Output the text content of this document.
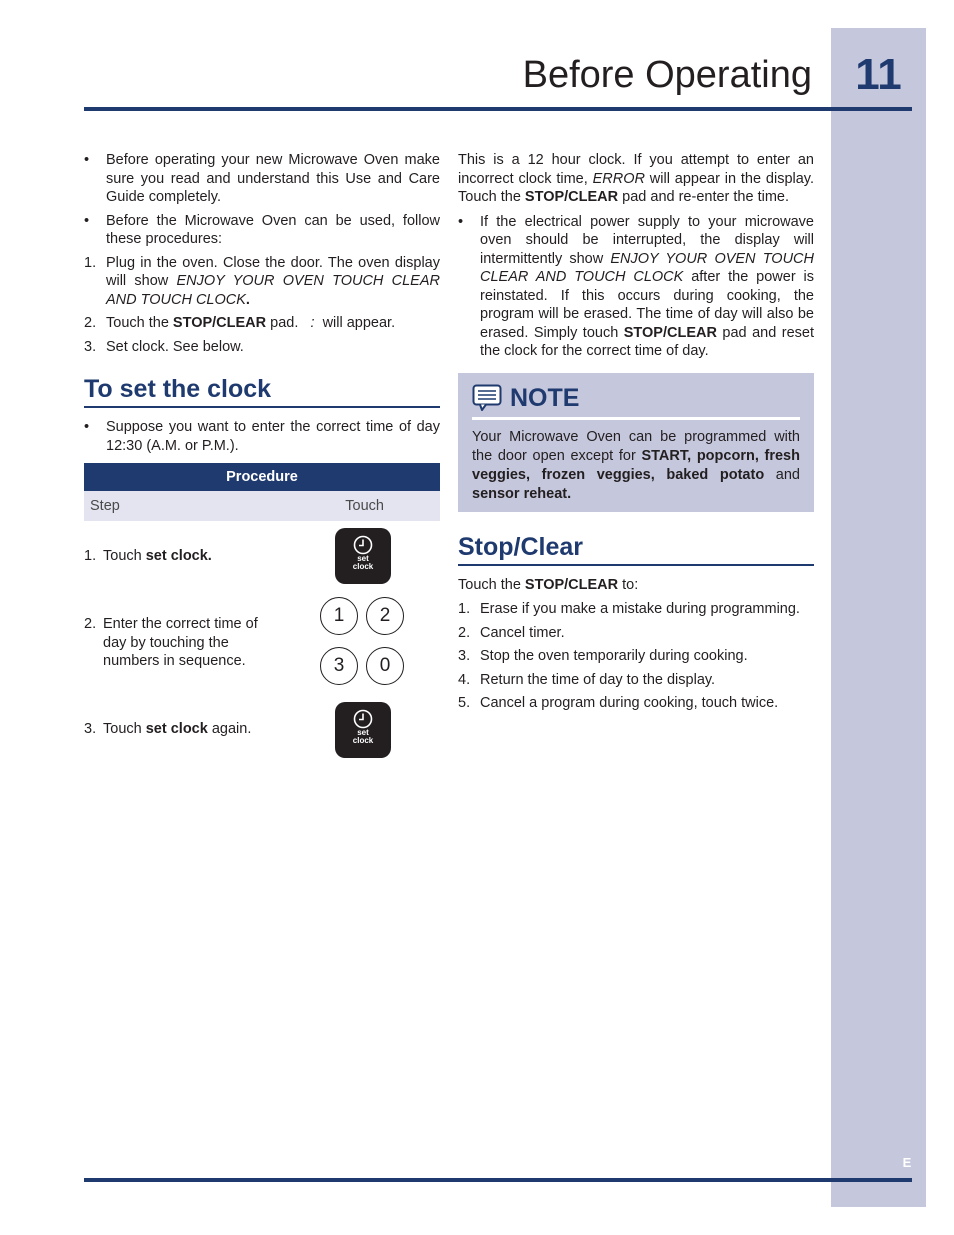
11
E
Before Operating
• Before operating your new Microwave Oven make sure you read and understand this Use and Care Guide completely.
• Before the Microwave Oven can be used, follow these procedures:
1. Plug in the oven. Close the door. The oven display will show ENJOY YOUR OVEN TOUCH CLEAR AND TOUCH CLOCK.
2. Touch the STOP/CLEAR pad. : will appear.
3. Set clock. See below.
To set the clock
• Suppose you want to enter the correct time of day 12:30 (A.M. or P.M.).
Procedure
Step	Touch
1. Touch set clock.	set
clock
2. Enter the correct time of day by touching the numbers in sequence.
1	2
3	0
3. Touch set clock again.	set
clock

This is a 12 hour clock. If you attempt to enter an incorrect clock time, ERROR will appear in the display. Touch the STOP/CLEAR pad and re-enter the time.

• If the electrical power supply to your microwave oven should be interrupted, the display will intermittently show ENJOY YOUR OVEN TOUCH CLEAR AND TOUCH CLOCK after the power is reinstated. If this occurs during cooking, the program will be erased. The time of day will also be erased. Simply touch STOP/CLEAR pad and reset the clock for the correct time of day.
NOTE
Your Microwave Oven can be programmed with the door open except for START, popcorn, fresh veggies, frozen veggies, baked potato and sensor reheat.
Stop/Clear

Touch the STOP/CLEAR to:

1. Erase if you make a mistake during programming.
2. Cancel timer.
3. Stop the oven temporarily during cooking.
4. Return the time of day to the display.
5. Cancel a program during cooking, touch twice.
